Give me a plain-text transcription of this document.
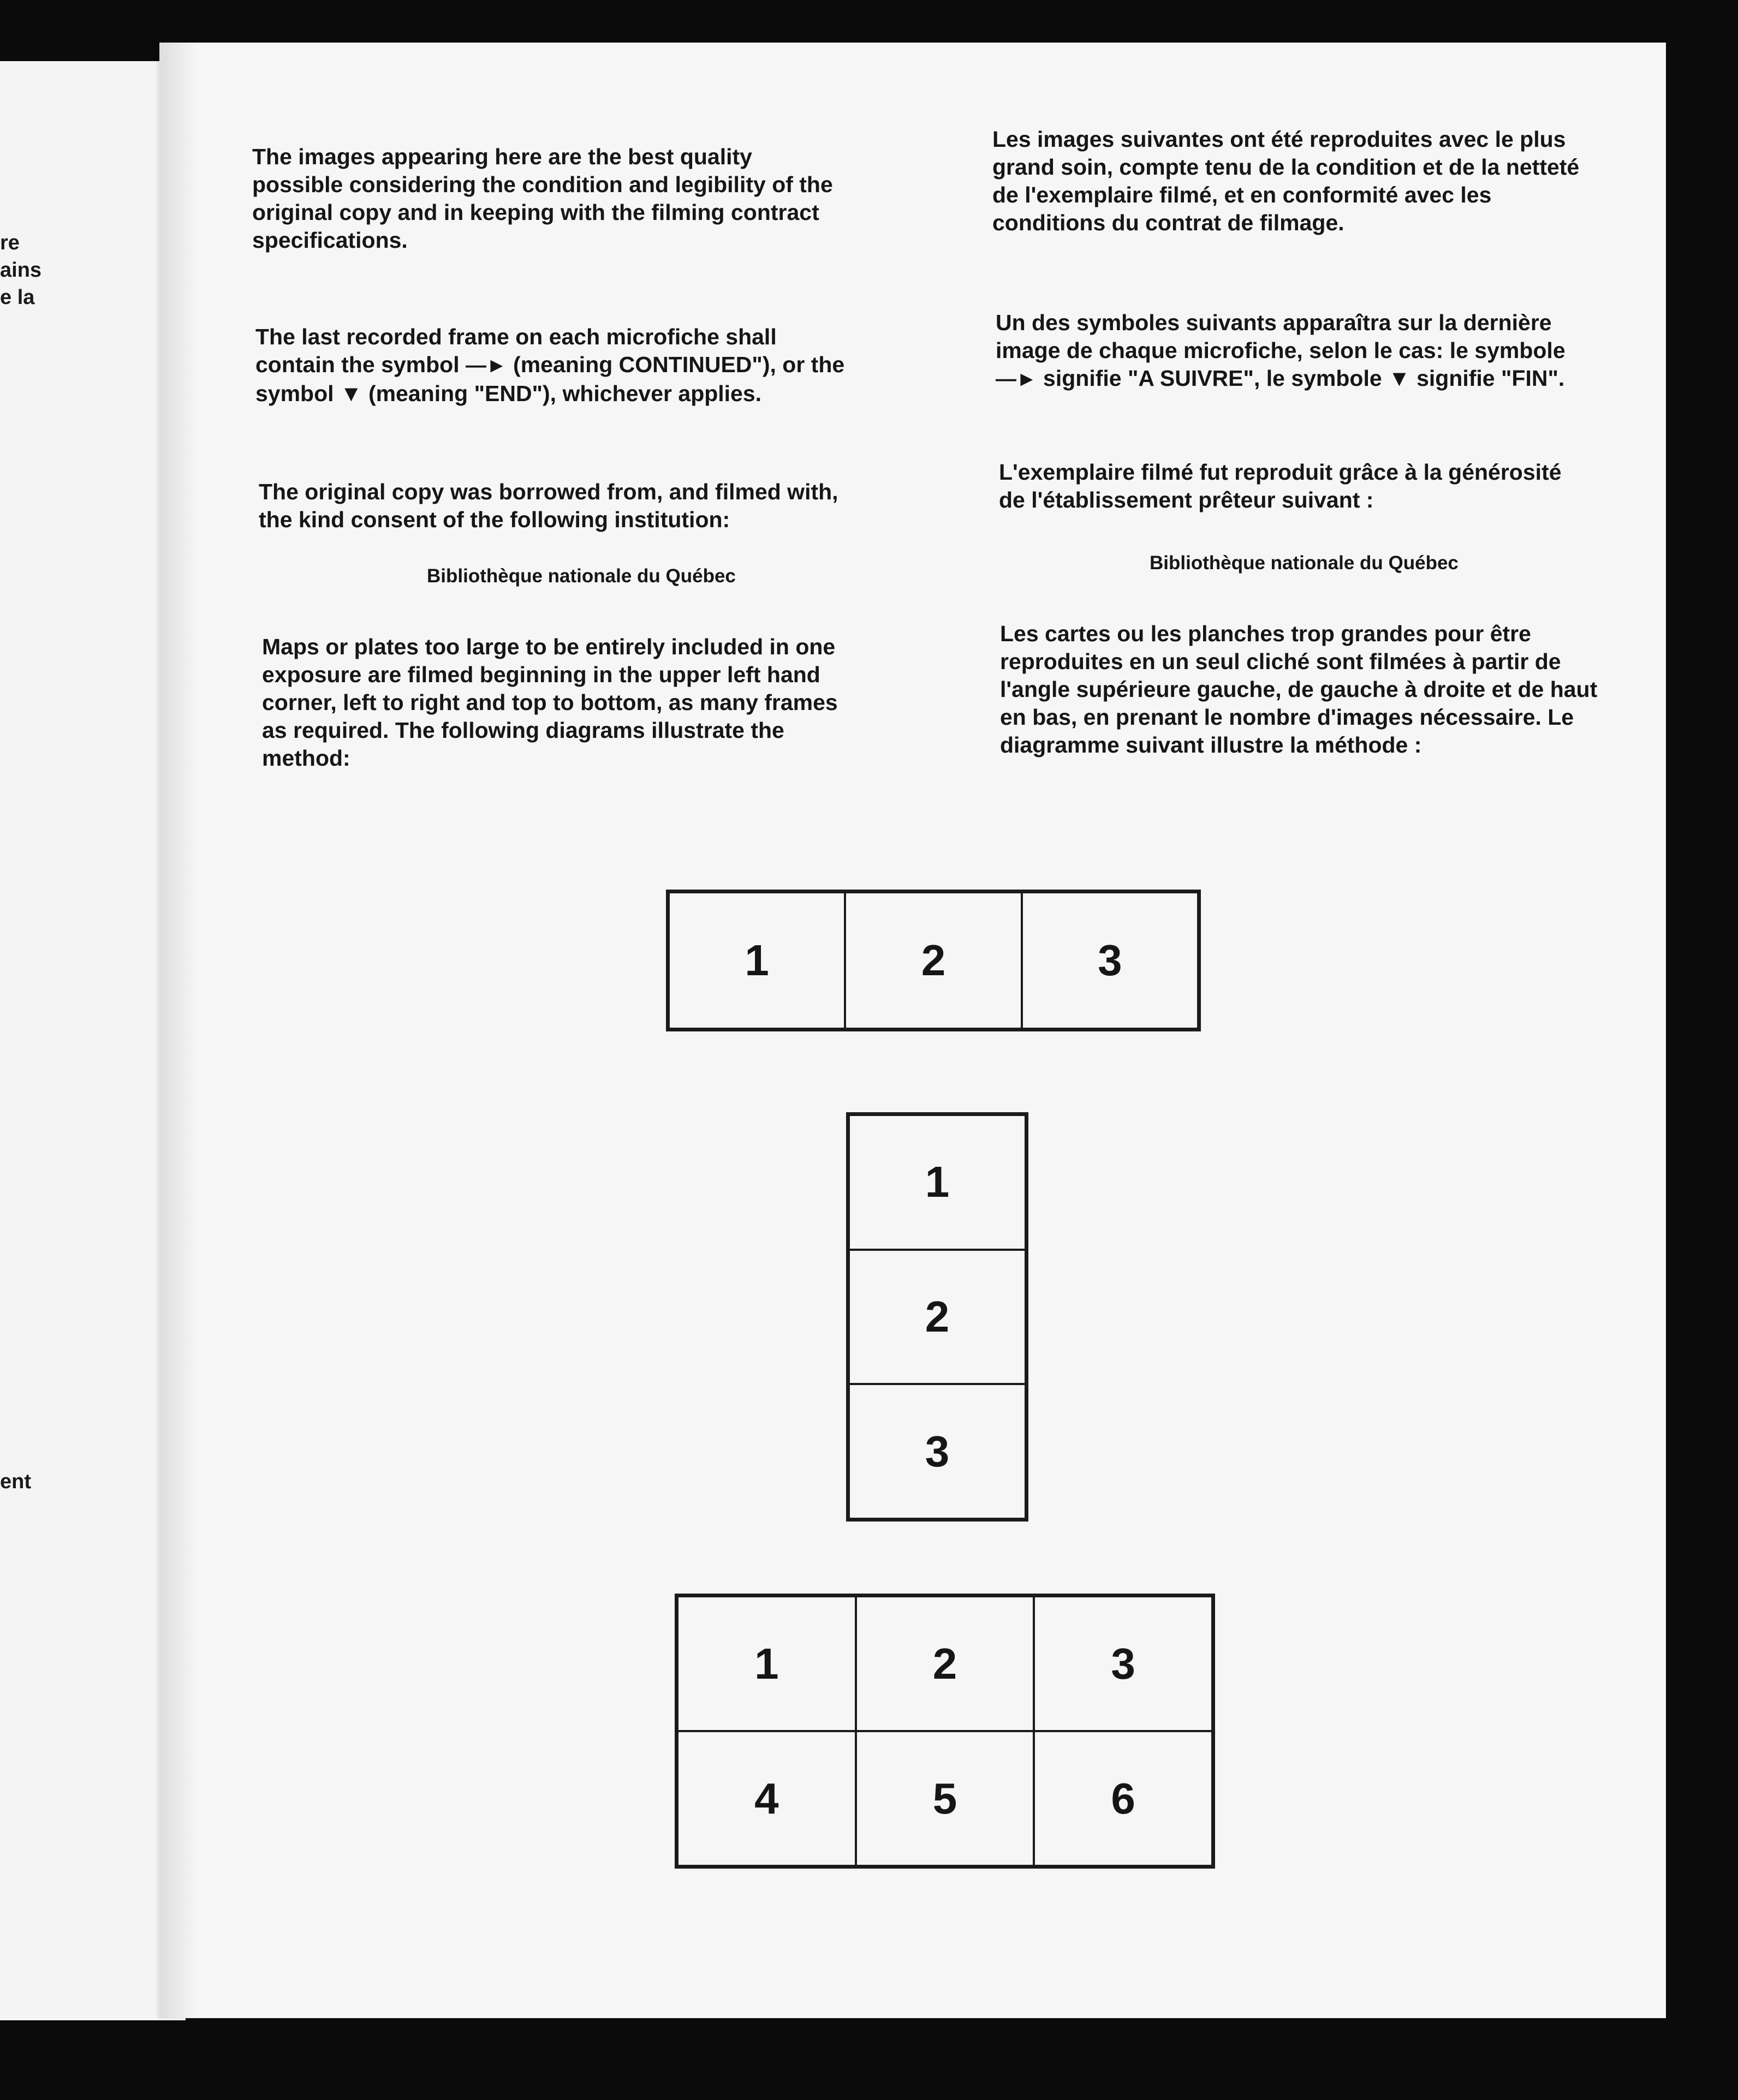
re
ains
e la
ent

The images appearing here are the best quality possible considering the condition and legibility of the original copy and in keeping with the filming contract specifications.

The last recorded frame on each microfiche shall contain the symbol —► (meaning CONTINUED"), or the symbol ▼ (meaning "END"), whichever applies.

The original copy was borrowed from, and filmed with, the kind consent of the following institution:

Bibliothèque nationale du Québec

Maps or plates too large to be entirely included in one exposure are filmed beginning in the upper left hand corner, left to right and top to bottom, as many frames as required. The following diagrams illustrate the method:

Les images suivantes ont été reproduites avec le plus grand soin, compte tenu de la condition et de la netteté de l'exemplaire filmé, et en conformité avec les conditions du contrat de filmage.

Un des symboles suivants apparaîtra sur la dernière image de chaque microfiche, selon le cas: le symbole —► signifie "A SUIVRE", le symbole ▼ signifie "FIN".

L'exemplaire filmé fut reproduit grâce à la générosité de l'établissement prêteur suivant :

Bibliothèque nationale du Québec

Les cartes ou les planches trop grandes pour être reproduites en un seul cliché sont filmées à partir de l'angle supérieure gauche, de gauche à droite et de haut en bas, en prenant le nombre d'images nécessaire. Le diagramme suivant illustre la méthode :

1	2	3
1
2
3
1	2	3
4	5	6
